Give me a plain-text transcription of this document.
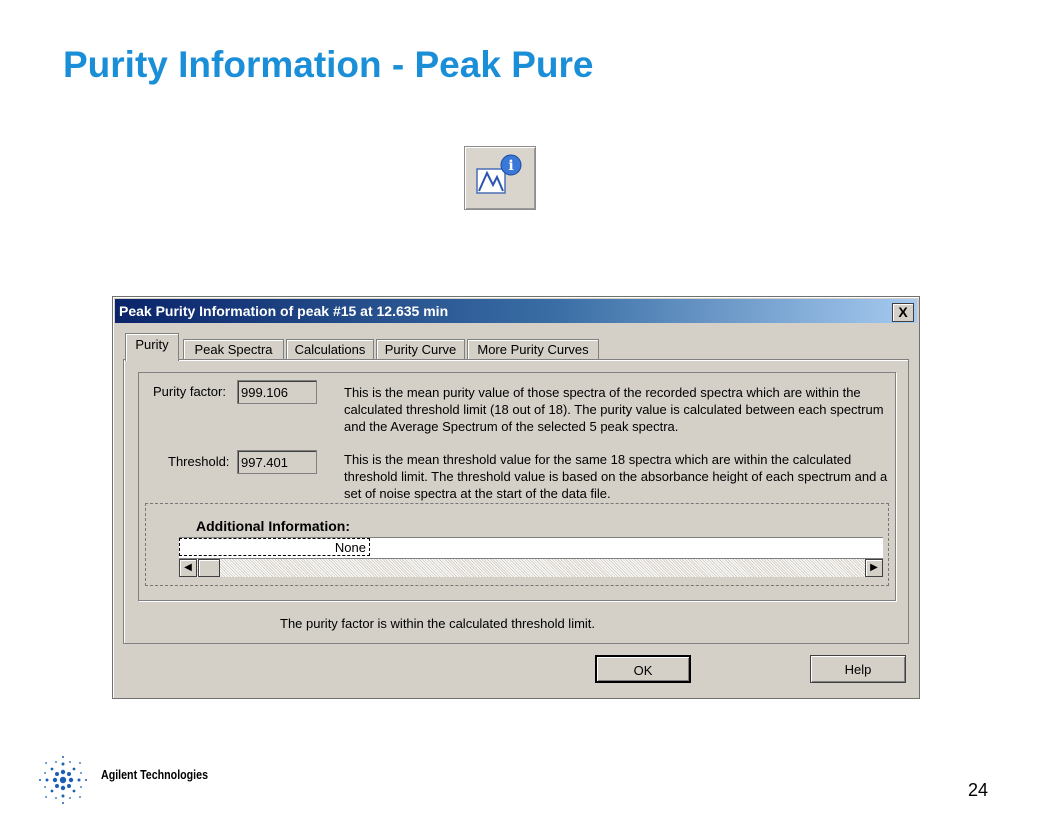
Purity Information - Peak Pure
i
Peak Purity Information of peak #15 at 12.635 min	X
Purity	Peak Spectra	Calculations	Purity Curve	More Purity Curves
Purity factor:	999.106	This is the mean purity value of those spectra of the recorded spectra which are within the calculated threshold limit (18 out of 18). The purity value is calculated between each spectrum and the Average Spectrum of the selected 5 peak spectra.
Threshold: 997.401	This is the mean threshold value for the same 18 spectra which are within the calculated threshold limit. The threshold value is based on the absorbance height of each spectrum and a set of noise spectra at the start of the data file.
Additional Information:
None
◀	▶
The purity factor is within the calculated threshold limit.
OK	Help
Agilent Technologies
24
